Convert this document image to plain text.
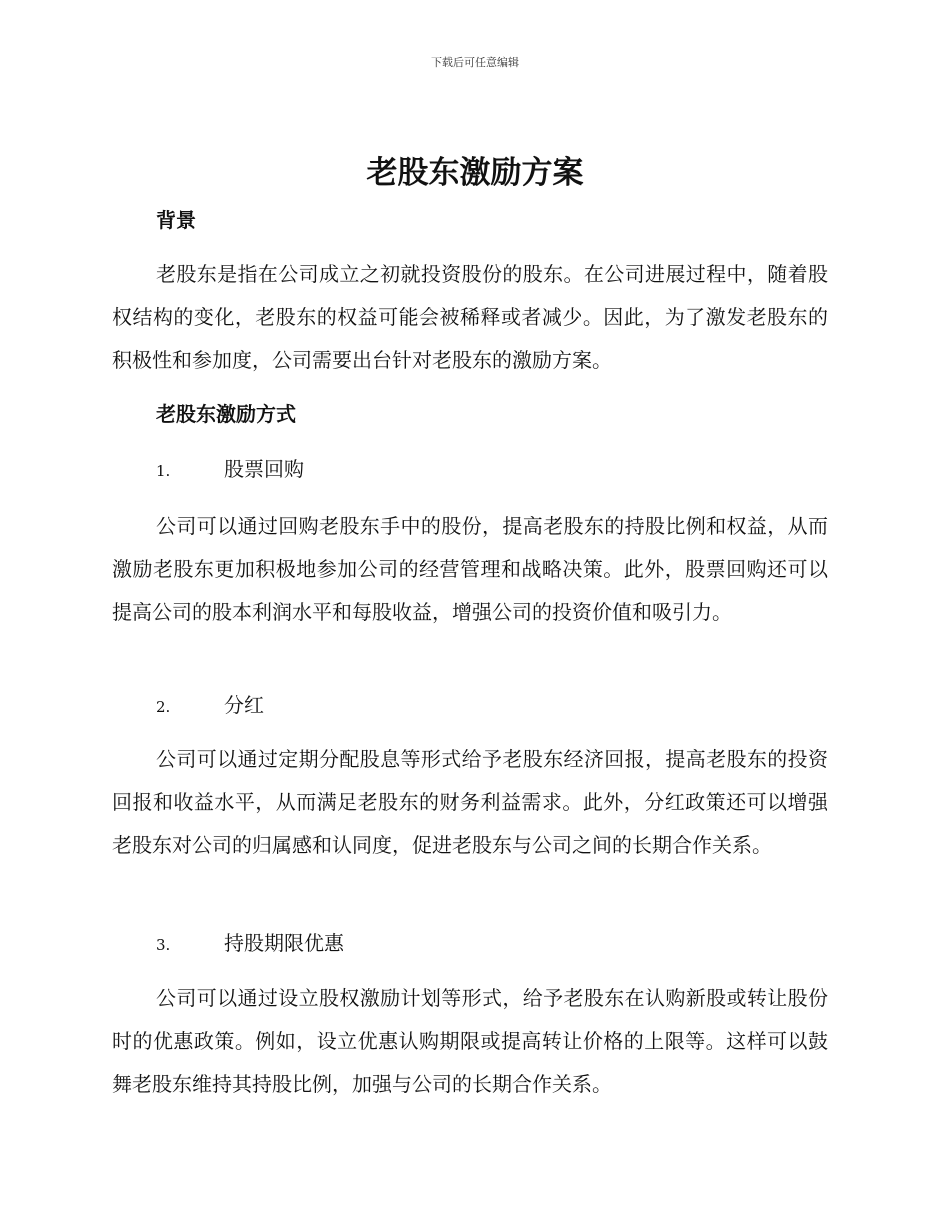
下载后可任意编辑
老股东激励方案
背景
老股东是指在公司成立之初就投资股份的股东。在公司进展过程中，随着股权结构的变化，老股东的权益可能会被稀释或者减少。因此，为了激发老股东的积极性和参加度，公司需要出台针对老股东的激励方案。
老股东激励方式
1.	股票回购
公司可以通过回购老股东手中的股份，提高老股东的持股比例和权益，从而激励老股东更加积极地参加公司的经营管理和战略决策。此外，股票回购还可以提高公司的股本利润水平和每股收益，增强公司的投资价值和吸引力。
2.	分红
公司可以通过定期分配股息等形式给予老股东经济回报，提高老股东的投资回报和收益水平，从而满足老股东的财务利益需求。此外，分红政策还可以增强老股东对公司的归属感和认同度，促进老股东与公司之间的长期合作关系。
3.	持股期限优惠
公司可以通过设立股权激励计划等形式，给予老股东在认购新股或转让股份时的优惠政策。例如，设立优惠认购期限或提高转让价格的上限等。这样可以鼓舞老股东维持其持股比例，加强与公司的长期合作关系。
